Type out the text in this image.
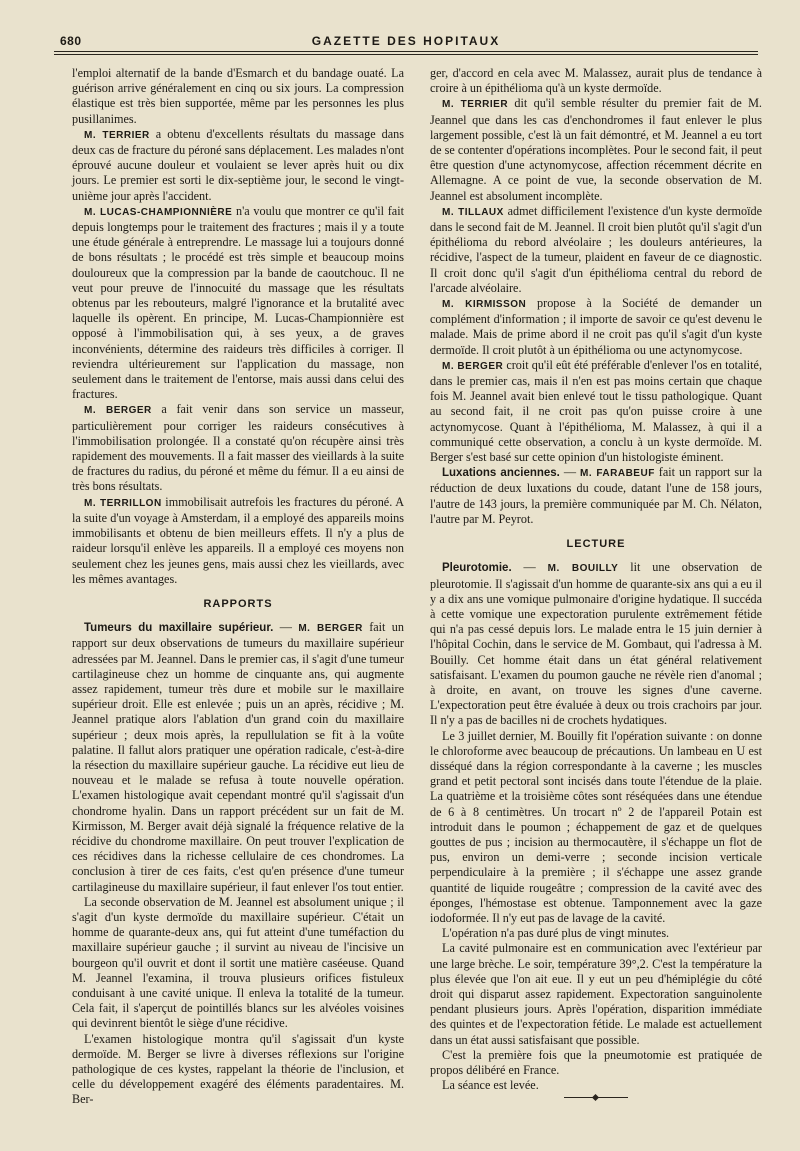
680	GAZETTE DES HOPITAUX

l'emploi alternatif de la bande d'Esmarch et du bandage ouaté. La guérison arrive généralement en cinq ou six jours. La compression élastique est très bien supportée, même par les personnes les plus pusillanimes.

M. TERRIER a obtenu d'excellents résultats du massage dans deux cas de fracture du péroné sans déplacement. Les malades n'ont éprouvé aucune douleur et voulaient se lever après huit ou dix jours. Le premier est sorti le dix-septième jour, le second le vingt-unième jour après l'accident.

M. LUCAS-CHAMPIONNIÈRE n'a voulu que montrer ce qu'il fait depuis longtemps pour le traitement des fractures ; mais il y a toute une étude générale à entreprendre. Le massage lui a toujours donné de bons résultats ; le procédé est très simple et beaucoup moins douloureux que la compression par la bande de caoutchouc. Il ne veut pour preuve de l'innocuité du massage que les résultats obtenus par les rebouteurs, malgré l'ignorance et la brutalité avec laquelle ils opèrent. En principe, M. Lucas-Championnière est opposé à l'immobilisation qui, à ses yeux, a de graves inconvénients, détermine des raideurs très difficiles à corriger. Il reviendra ultérieurement sur l'application du massage, non seulement dans le traitement de l'entorse, mais aussi dans celui des fractures.

M. BERGER a fait venir dans son service un masseur, particulièrement pour corriger les raideurs consécutives à l'immobilisation prolongée. Il a constaté qu'on récupère ainsi très rapidement des mouvements. Il a fait masser des vieillards à la suite de fractures du radius, du péroné et même du fémur. Il a eu ainsi de très bons résultats.

M. TERRILLON immobilisait autrefois les fractures du péroné. A la suite d'un voyage à Amsterdam, il a employé des appareils moins immobilisants et obtenu de bien meilleurs effets. Il n'y a plus de raideur lorsqu'il enlève les appareils. Il a employé ces moyens non seulement chez les jeunes gens, mais aussi chez les vieillards, avec les mêmes avantages.

RAPPORTS

Tumeurs du maxillaire supérieur. — M. BERGER fait un rapport sur deux observations de tumeurs du maxillaire supérieur adressées par M. Jeannel. Dans le premier cas, il s'agit d'une tumeur cartilagineuse chez un homme de cinquante ans, qui augmente assez rapidement, tumeur très dure et mobile sur le maxillaire supérieur droit. Elle est enlevée ; puis un an après, récidive ; M. Jeannel pratique alors l'ablation d'un grand coin du maxillaire supérieur ; deux mois après, la repullulation se fit à la voûte palatine. Il fallut alors pratiquer une opération radicale, c'est-à-dire la résection du maxillaire supérieur gauche. La récidive eut lieu de nouveau et le malade se refusa à toute nouvelle opération. L'examen histologique avait cependant montré qu'il s'agissait d'un chondrome hyalin. Dans un rapport précédent sur un fait de M. Kirmisson, M. Berger avait déjà signalé la fréquence relative de la récidive du chondrome maxillaire. On peut trouver l'explication de ces récidives dans la richesse cellulaire de ces chondromes. La conclusion à tirer de ces faits, c'est qu'en présence d'une tumeur cartilagineuse du maxillaire supérieur, il faut enlever l'os tout entier.

La seconde observation de M. Jeannel est absolument unique ; il s'agit d'un kyste dermoïde du maxillaire supérieur. C'était un homme de quarante-deux ans, qui fut atteint d'une tuméfaction du maxillaire supérieur gauche ; il survint au niveau de l'incisive un bourgeon qu'il ouvrit et dont il sortit une matière caséeuse. Quand M. Jeannel l'examina, il trouva plusieurs orifices fistuleux conduisant à une cavité unique. Il enleva la totalité de la tumeur. Cela fait, il s'aperçut de pointillés blancs sur les alvéoles voisines qui devinrent bientôt le siège d'une récidive.

L'examen histologique montra qu'il s'agissait d'un kyste dermoïde. M. Berger se livre à diverses réflexions sur l'origine pathologique de ces kystes, rappelant la théorie de l'inclusion, et celle du développement exagéré des éléments paradentaires. M. Ber-

ger, d'accord en cela avec M. Malassez, aurait plus de tendance à croire à un épithélioma qu'à un kyste dermoïde.

M. TERRIER dit qu'il semble résulter du premier fait de M. Jeannel que dans les cas d'enchondromes il faut enlever le plus largement possible, c'est là un fait démontré, et M. Jeannel a eu tort de se contenter d'opérations incomplètes. Pour le second fait, il peut être question d'une actynomycose, affection récemment décrite en Allemagne. A ce point de vue, la seconde observation de M. Jeannel est absolument incomplète.

M. TILLAUX admet difficilement l'existence d'un kyste dermoïde dans le second fait de M. Jeannel. Il croit bien plutôt qu'il s'agit d'un épithélioma du rebord alvéolaire ; les douleurs antérieures, la récidive, l'aspect de la tumeur, plaident en faveur de ce diagnostic. Il croit donc qu'il s'agit d'un épithélioma central du rebord de l'arcade alvéolaire.

M. KIRMISSON propose à la Société de demander un complément d'information ; il importe de savoir ce qu'est devenu le malade. Mais de prime abord il ne croit pas qu'il s'agit d'un kyste dermoïde. Il croit plutôt à un épithélioma ou une actynomycose.

M. BERGER croit qu'il eût été préférable d'enlever l'os en totalité, dans le premier cas, mais il n'en est pas moins certain que chaque fois M. Jeannel avait bien enlevé tout le tissu pathologique. Quant au second fait, il ne croit pas qu'on puisse croire à une actynomycose. Quant à l'épithélioma, M. Malassez, à qui il a communiqué cette observation, a conclu à un kyste dermoïde. M. Berger s'est basé sur cette opinion d'un histologiste éminent.

Luxations anciennes. — M. FARABEUF fait un rapport sur la réduction de deux luxations du coude, datant l'une de 158 jours, l'autre de 143 jours, la première communiquée par M. Ch. Nélaton, l'autre par M. Peyrot.

LECTURE

Pleurotomie. — M. BOUILLY lit une observation de pleurotomie. Il s'agissait d'un homme de quarante-six ans qui a eu il y a dix ans une vomique pulmonaire d'origine hydatique. Il succéda à cette vomique une expectoration purulente extrêmement fétide qui n'a pas cessé depuis lors. Le malade entra le 15 juin dernier à l'hôpital Cochin, dans le service de M. Gombaut, qui l'adressa à M. Bouilly. Cet homme était dans un état général relativement satisfaisant. L'examen du poumon gauche ne révèle rien d'anomal ; à droite, en avant, on trouve les signes d'une caverne. L'expectoration peut être évaluée à deux ou trois crachoirs par jour. Il n'y a pas de bacilles ni de crochets hydatiques.

Le 3 juillet dernier, M. Bouilly fit l'opération suivante : on donne le chloroforme avec beaucoup de précautions. Un lambeau en U est disséqué dans la région correspondante à la caverne ; les muscles grand et petit pectoral sont incisés dans toute l'étendue de la plaie. La quatrième et la troisième côtes sont réséquées dans une étendue de 6 à 8 centimètres. Un trocart nº 2 de l'appareil Potain est introduit dans le poumon ; échappement de gaz et de quelques gouttes de pus ; incision au thermocautère, il s'échappe un flot de pus, environ un demi-verre ; seconde incision verticale perpendiculaire à la première ; il s'échappe une assez grande quantité de liquide rougeâtre ; compression de la cavité avec des éponges, l'hémostase est obtenue. Tamponnement avec la gaze iodoformée. Il n'y eut pas de lavage de la cavité.

L'opération n'a pas duré plus de vingt minutes.

La cavité pulmonaire est en communication avec l'extérieur par une large brèche. Le soir, température 39°,2. C'est la température la plus élevée que l'on ait eue. Il y eut un peu d'hémiplégie du côté droit qui disparut assez rapidement. Expectoration sanguinolente pendant plusieurs jours. Après l'opération, disparition immédiate des quintes et de l'expectoration fétide. Le malade est actuellement dans un état aussi satisfaisant que possible.

C'est la première fois que la pneumotomie est pratiquée de propos délibéré en France.

La séance est levée.
